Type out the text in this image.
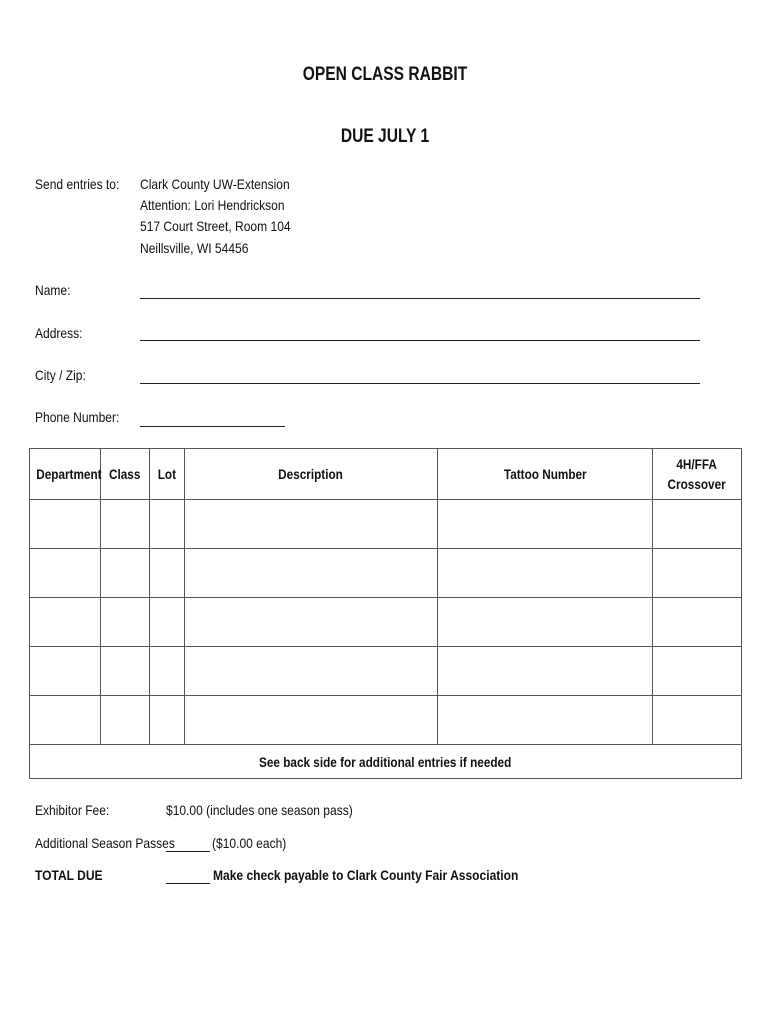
OPEN CLASS RABBIT
DUE JULY 1
Send entries to: Clark County UW-Extension
Attention: Lori Hendrickson
517 Court Street, Room 104
Neillsville, WI 54456
Name:
Address:
City / Zip:
Phone Number:
Department	Class	Lot	Description	Tattoo Number	4H/FFA
Crossover

See back side for additional entries if needed					
Exhibitor Fee:	$10.00 (includes one season pass)
Additional Season Passes	($10.00 each)
TOTAL DUE	Make check payable to Clark County Fair Association
